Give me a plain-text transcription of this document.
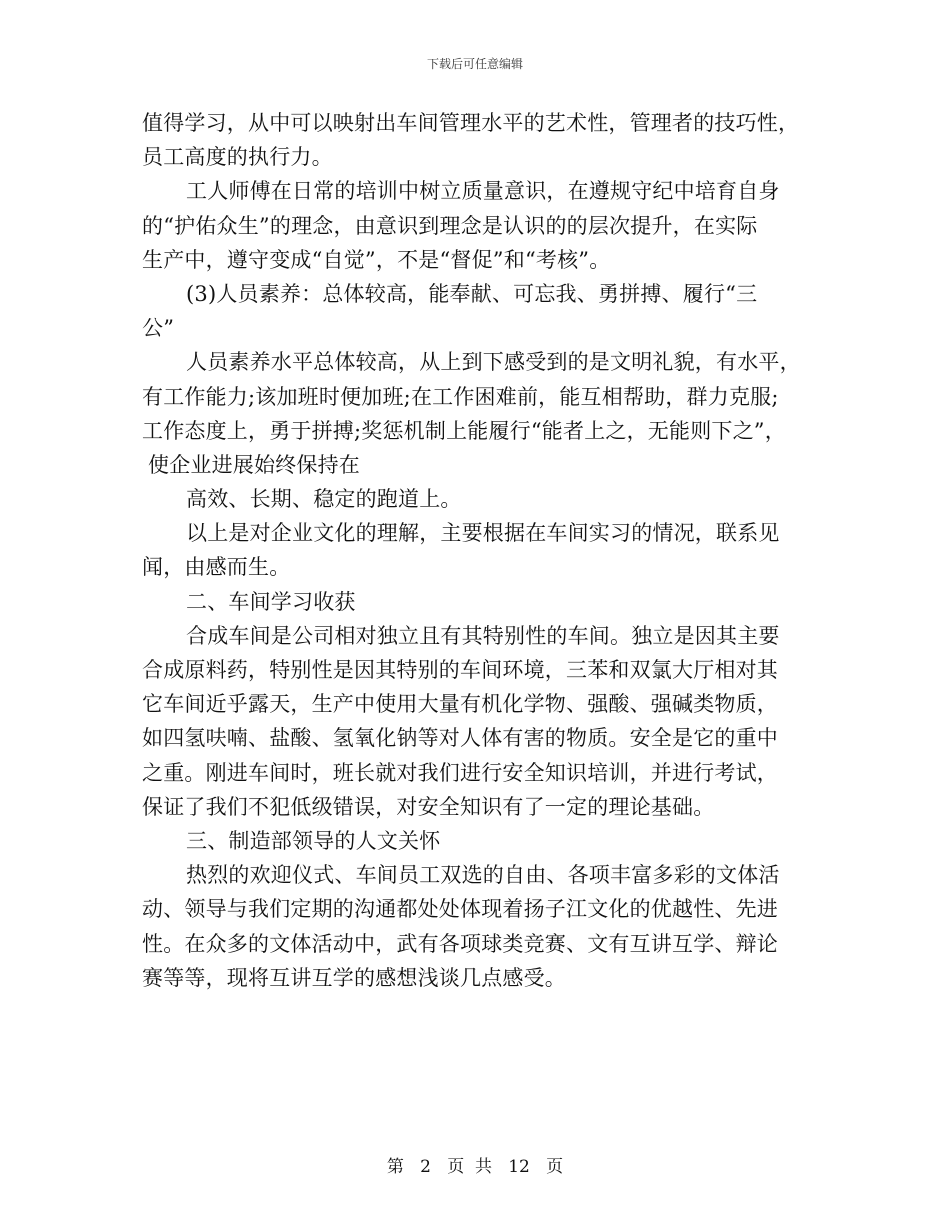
下载后可任意编辑
值得学习，从中可以映射出车间管理水平的艺术性，管理者的技巧性，
员工高度的执行力。
工人师傅在日常的培训中树立质量意识，在遵规守纪中培育自身
的“护佑众生”的理念，由意识到理念是认识的的层次提升，在实际
生产中，遵守变成“自觉”，不是“督促”和“考核”。
(3)人员素养：总体较高，能奉献、可忘我、勇拼搏、履行“三
公”
人员素养水平总体较高，从上到下感受到的是文明礼貌，有水平，
有工作能力;该加班时便加班;在工作困难前，能互相帮助，群力克服;
工作态度上，勇于拼搏;奖惩机制上能履行“能者上之，无能则下之”，
使企业进展始终保持在
高效、长期、稳定的跑道上。
以上是对企业文化的理解，主要根据在车间实习的情况，联系见
闻，由感而生。
二、车间学习收获
合成车间是公司相对独立且有其特别性的车间。独立是因其主要
合成原料药，特别性是因其特别的车间环境，三苯和双氯大厅相对其
它车间近乎露天，生产中使用大量有机化学物、强酸、强碱类物质，
如四氢呋喃、盐酸、氢氧化钠等对人体有害的物质。安全是它的重中
之重。刚进车间时，班长就对我们进行安全知识培训，并进行考试，
保证了我们不犯低级错误，对安全知识有了一定的理论基础。
三、制造部领导的人文关怀
热烈的欢迎仪式、车间员工双选的自由、各项丰富多彩的文体活
动、领导与我们定期的沟通都处处体现着扬子江文化的优越性、先进
性。在众多的文体活动中，武有各项球类竞赛、文有互讲互学、辩论
赛等等，现将互讲互学的感想浅谈几点感受。
第 2 页  共 12 页
